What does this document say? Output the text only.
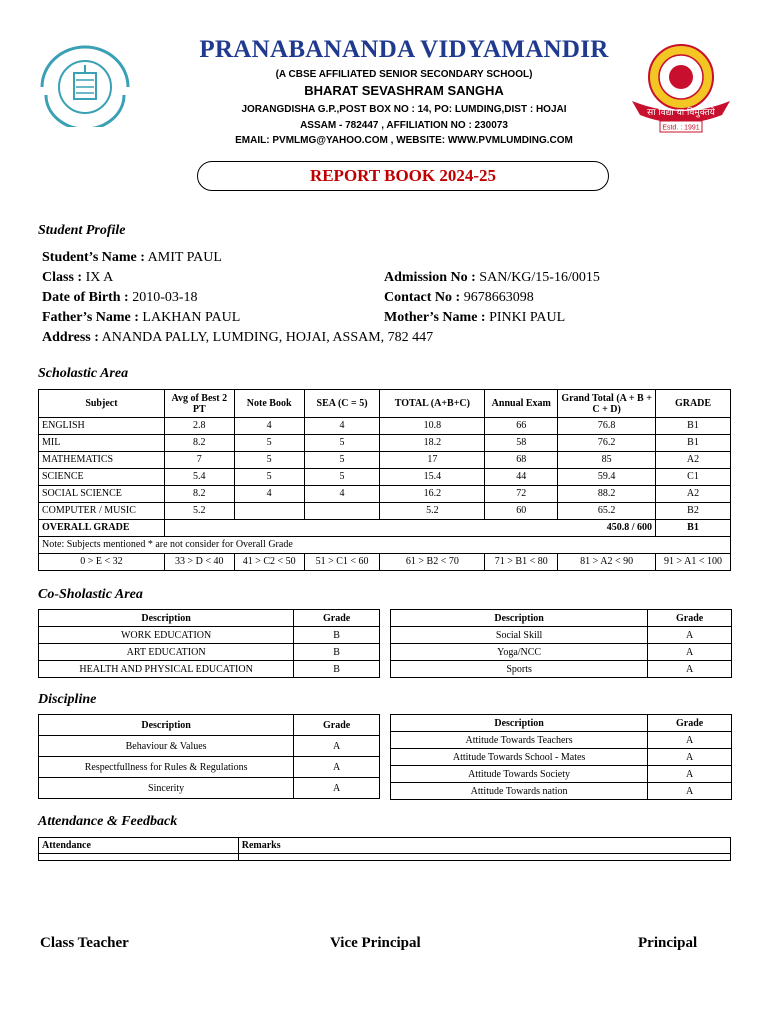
सा विद्या या विमुक्तये
Estd. : 1991
PRANABANANDA VIDYAMANDIR
(A CBSE AFFILIATED SENIOR SECONDARY SCHOOL)
BHARAT SEVASHRAM SANGHA
JORANGDISHA G.P.,POST BOX NO : 14, PO: LUMDING,DIST : HOJAI
ASSAM - 782447 , AFFILIATION NO : 230073
EMAIL: PVMLMG@YAHOO.COM , WEBSITE: WWW.PVMLUMDING.COM
REPORT BOOK 2024-25
Student Profile
Student’s Name : AMIT PAUL
Class : IX A	Admission No : SAN/KG/15-16/0015
Date of Birth : 2010-03-18	Contact No : 9678663098
Father’s Name : LAKHAN PAUL	Mother’s Name : PINKI PAUL
Address : ANANDA PALLY, LUMDING, HOJAI, ASSAM, 782 447
Scholastic Area
Subject	Avg of Best 2 PT	Note Book	SEA (C = 5)	TOTAL (A+B+C)	Annual Exam	Grand Total (A + B + C + D)	GRADE
ENGLISH	2.8	4	4	10.8	66	76.8	B1
MIL	8.2	5	5	18.2	58	76.2	B1
MATHEMATICS	7	5	5	17	68	85	A2
SCIENCE	5.4	5	5	15.4	44	59.4	C1
SOCIAL SCIENCE	8.2	4	4	16.2	72	88.2	A2
COMPUTER / MUSIC	5.2			5.2	60	65.2	B2
OVERALL GRADE	450.8 / 600						B1
Note: Subjects mentioned * are not consider for Overall Grade							
0 > E < 32	33 > D < 40	41 > C2 < 50	51 > C1 < 60	61 > B2 < 70	71 > B1 < 80	81 > A2 < 90	91 > A1 < 100
Co-Sholastic Area
Description	Grade
WORK EDUCATION	B
ART EDUCATION	B
HEALTH AND PHYSICAL EDUCATION	B
Description	Grade
Social Skill	A
Yoga/NCC	A
Sports	A
Discipline
Description	Grade
Behaviour & Values	A
Respectfullness for Rules & Regulations	A
Sincerity	A
Description	Grade
Attitude Towards Teachers	A
Attitude Towards School - Mates	A
Attitude Towards Society	A
Attitude Towards nation	A
Attendance & Feedback
Attendance	Remarks

Class Teacher	Vice Principal	Principal
